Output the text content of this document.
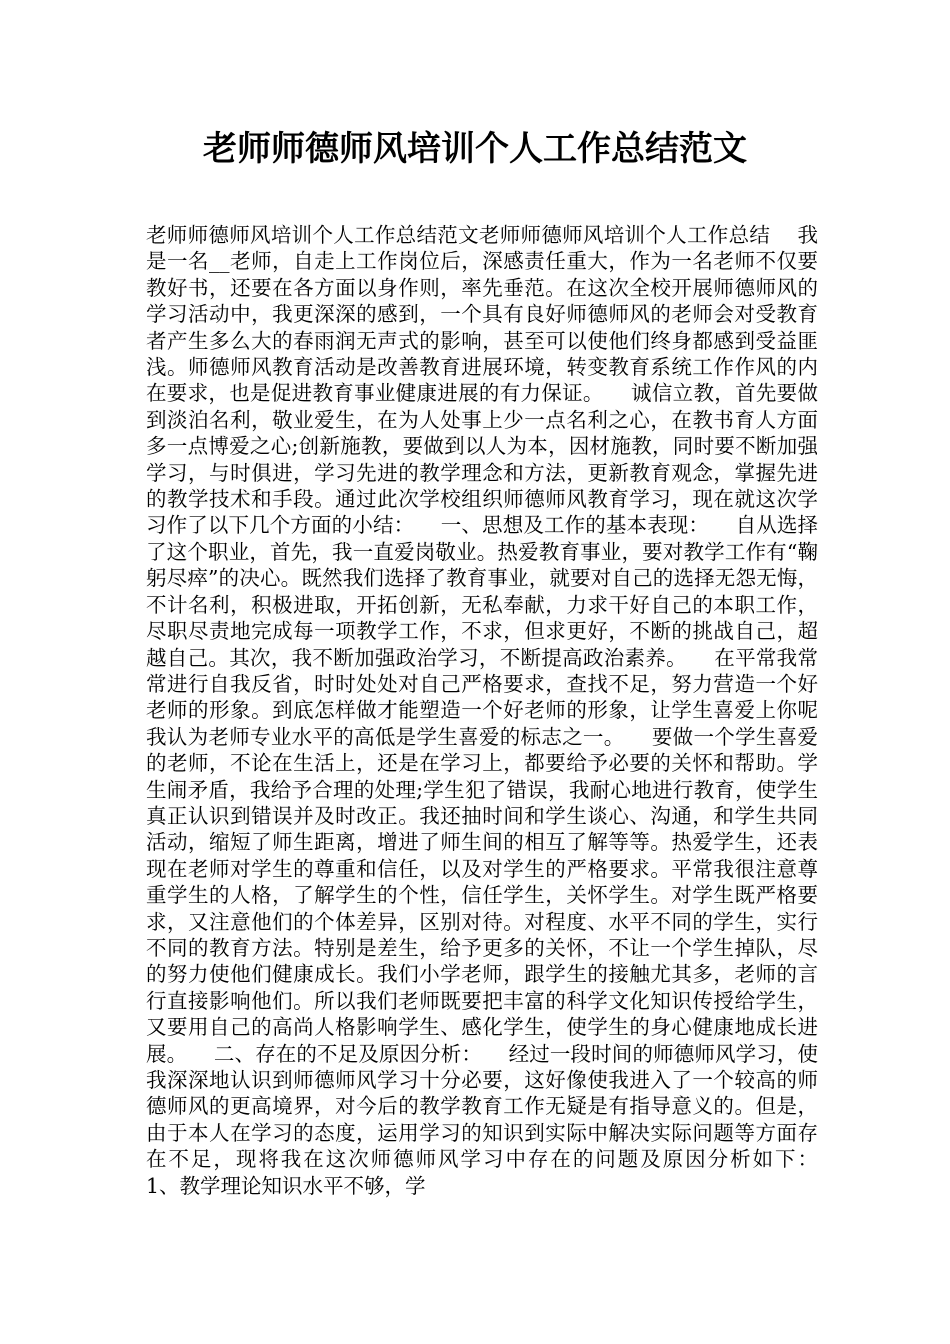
老师师德师风培训个人工作总结范文

老师师德师风培训个人工作总结范文老师师德师风培训个人工作总结    我是一名__老师，自走上工作岗位后，深感责任重大，作为一名老师不仅要教好书，还要在各方面以身作则，率先垂范。在这次全校开展师德师风的学习活动中，我更深深的感到，一个具有良好师德师风的老师会对受教育者产生多么大的春雨润无声式的影响，甚至可以使他们终身都感到受益匪浅。师德师风教育活动是改善教育进展环境，转变教育系统工作作风的内在要求，也是促进教育事业健康进展的有力保证。    诚信立教，首先要做到淡泊名利，敬业爱生，在为人处事上少一点名利之心，在教书育人方面多一点博爱之心;创新施教，要做到以人为本，因材施教，同时要不断加强学习，与时俱进，学习先进的教学理念和方法，更新教育观念，掌握先进的教学技术和手段。通过此次学校组织师德师风教育学习，现在就这次学习作了以下几个方面的小结：    一、思想及工作的基本表现：    自从选择了这个职业，首先，我一直爱岗敬业。热爱教育事业，要对教学工作有“鞠躬尽瘁”的决心。既然我们选择了教育事业，就要对自己的选择无怨无悔，不计名利，积极进取，开拓创新，无私奉献，力求干好自己的本职工作，尽职尽责地完成每一项教学工作，不求，但求更好，不断的挑战自己，超越自己。其次，我不断加强政治学习，不断提高政治素养。    在平常我常常进行自我反省，时时处处对自己严格要求，查找不足，努力营造一个好老师的形象。到底怎样做才能塑造一个好老师的形象，让学生喜爱上你呢我认为老师专业水平的高低是学生喜爱的标志之一。    要做一个学生喜爱的老师，不论在生活上，还是在学习上，都要给予必要的关怀和帮助。学生闹矛盾，我给予合理的处理;学生犯了错误，我耐心地进行教育，使学生真正认识到错误并及时改正。我还抽时间和学生谈心、沟通，和学生共同活动，缩短了师生距离，增进了师生间的相互了解等等。热爱学生，还表现在老师对学生的尊重和信任，以及对学生的严格要求。平常我很注意尊重学生的人格，了解学生的个性，信任学生，关怀学生。对学生既严格要求，又注意他们的个体差异，区别对待。对程度、水平不同的学生，实行不同的教育方法。特别是差生，给予更多的关怀，不让一个学生掉队，尽的努力使他们健康成长。我们小学老师，跟学生的接触尤其多，老师的言行直接影响他们。所以我们老师既要把丰富的科学文化知识传授给学生，又要用自己的高尚人格影响学生、感化学生，使学生的身心健康地成长进展。    二、存在的不足及原因分析：    经过一段时间的师德师风学习，使我深深地认识到师德师风学习十分必要，这好像使我进入了一个较高的师德师风的更高境界，对今后的教学教育工作无疑是有指导意义的。但是，由于本人在学习的态度，运用学习的知识到实际中解决实际问题等方面存在不足，现将我在这次师德师风学习中存在的问题及原因分析如下：    1、教学理论知识水平不够，学
